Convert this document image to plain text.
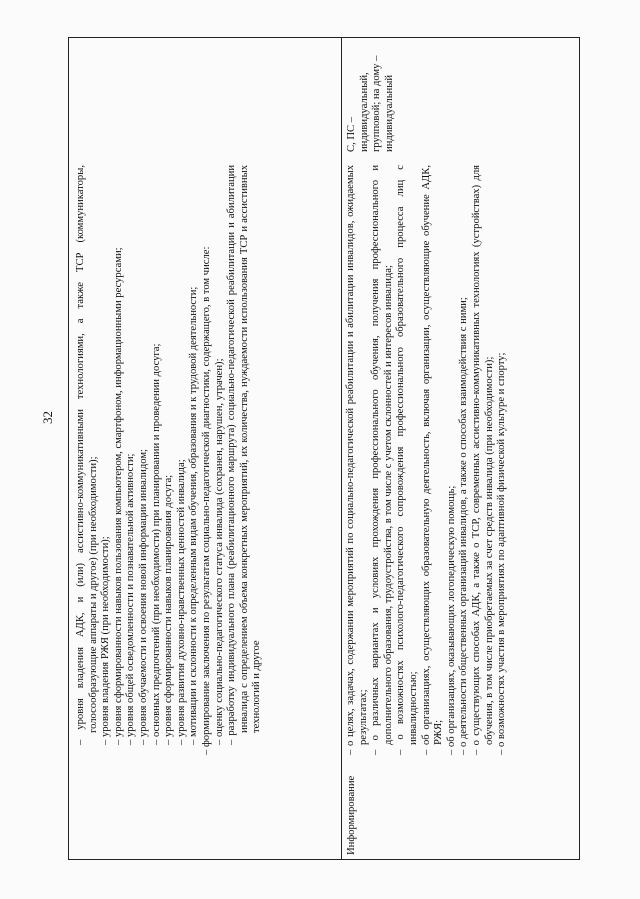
32 – уровня владения АДК, и (или) ассистивно-коммуникативными технологиями, а также ТСР (коммуникаторы, голосообразующие аппараты и другое) (при необходимости); – уровня владения РЖЯ (при необходимости); – уровня сформированности навыков пользования компьютером, смартфоном, информационными ресурсами; – уровня общей осведомленности и познавательной активности; – уровня обучаемости и освоения новой информации инвалидом; – основных предпочтений (при необходимости) при планировании и проведении досуга; – уровня сформированности навыков планирования досуга; – уровня развития духовно-нравственных ценностей инвалида; – мотивации и склонности к определенным видам обучения, образования и к трудовой деятельности; – формирование заключения по результатам социально-педагогической диагностики, содержащего, в том числе: – оценку социально-педагогического статуса инвалида (сохранен, нарушен, утрачен); – разработку индивидуального плана (реабилитационного маршрута) социально-педагогической реабилитации и абилитации инвалида с определением объема конкретных мероприятий, их количества, нуждаемости использования ТСР и ассистивных технологий и другое

Информирование

– о целях, задачах, содержании мероприятий по социально-педагогической реабилитации и абилитации инвалидов, ожидаемых результатах; – о различных вариантах и условиях прохождения профессионального обучения, получения профессионального и дополнительного образования, трудоустройства, в том числе с учетом склонностей и интересов инвалида; – о возможностях психолого-педагогического сопровождения профессионального образовательного процесса лиц с инвалидностью; – об организациях, осуществляющих образовательную деятельность, включая организации, осуществляющие обучение АДК, РЖЯ; – об организациях, оказывающих логопедическую помощь; – о деятельности общественных организаций инвалидов, а также о способах взаимодействия с ними; – о существующих способах АДК, а также о ТСР, современных ассистивно-коммуникативных технологиях (устройствах) для обучения, в том числе приобретаемых за счет средств инвалида (при необходимости); – о возможностях участия в мероприятиях по адаптивной физической культуре и спорту;

С, ПС – индивидуальный, групповой; на дому – индивидуальный
